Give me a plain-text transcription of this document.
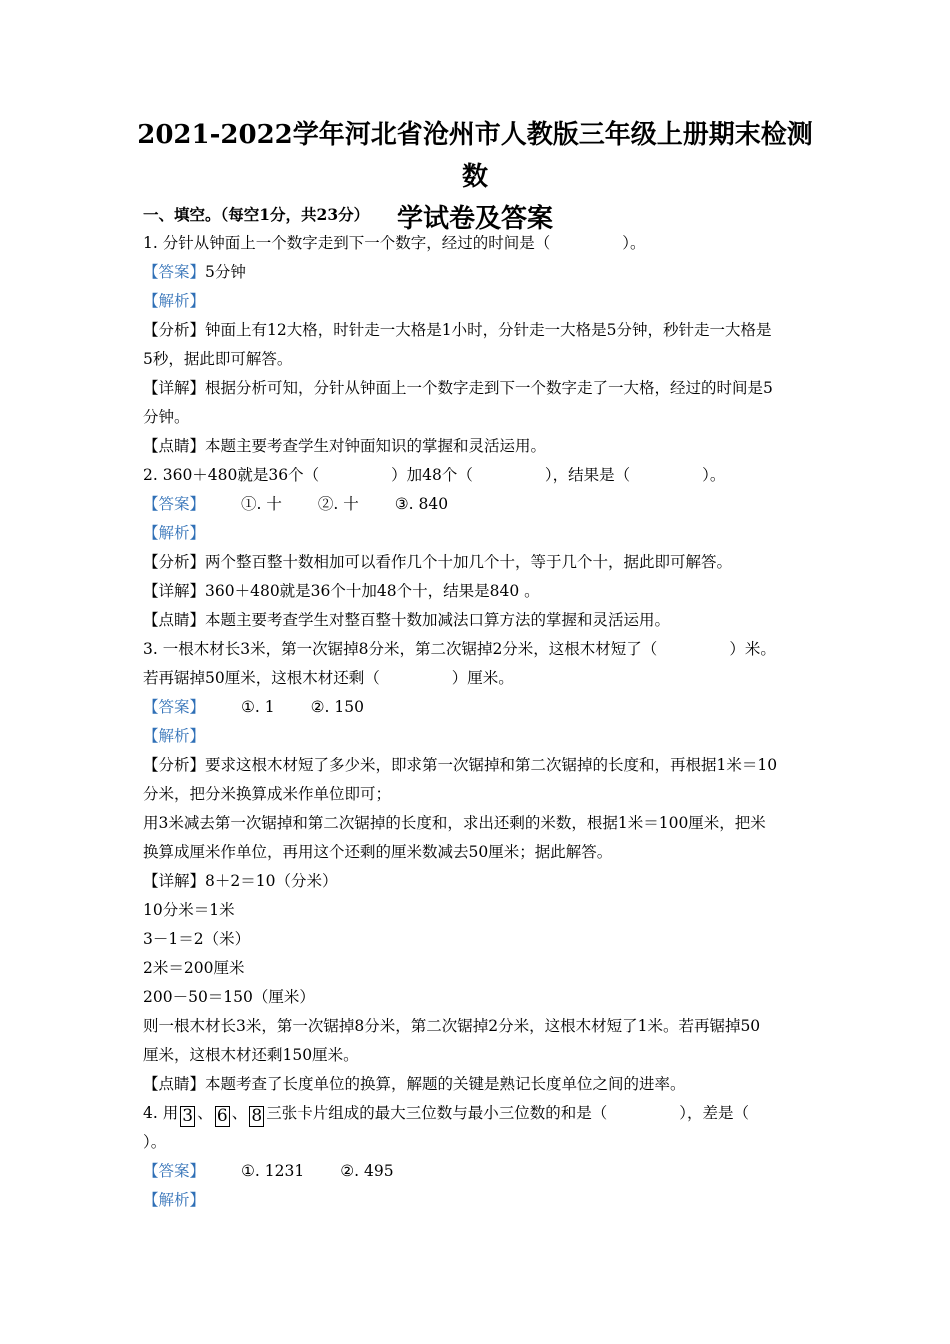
2021-2022学年河北省沧州市人教版三年级上册期末检测数
学试卷及答案
一、填空。（每空1分，共23分）
1. 分针从钟面上一个数字走到下一个数字，经过的时间是（	）。
【答案】5分钟
【解析】
【分析】钟面上有12大格，时针走一大格是1小时，分针走一大格是5分钟，秒针走一大格是
5秒，据此即可解答。
【详解】根据分析可知，分针从钟面上一个数字走到下一个数字走了一大格，经过的时间是5
分钟。
【点睛】本题主要考查学生对钟面知识的掌握和灵活运用。
2. 360＋480就是36个（	）加48个（	），结果是（	）。
【答案】 ①. 十 ②. 十 ③. 840
【解析】
【分析】两个整百整十数相加可以看作几个十加几个十，等于几个十，据此即可解答。
【详解】360＋480就是36个十加48个十，结果是840 。
【点睛】本题主要考查学生对整百整十数加减法口算方法的掌握和灵活运用。
3. 一根木材长3米，第一次锯掉8分米，第二次锯掉2分米，这根木材短了（	）米。
若再锯掉50厘米，这根木材还剩（	）厘米。
【答案】 ①. 1 ②. 150
【解析】
【分析】要求这根木材短了多少米，即求第一次锯掉和第二次锯掉的长度和，再根据1米＝10
分米，把分米换算成米作单位即可；
用3米减去第一次锯掉和第二次锯掉的长度和，求出还剩的米数，根据1米＝100厘米，把米
换算成厘米作单位，再用这个还剩的厘米数减去50厘米；据此解答。
【详解】8＋2＝10（分米）
10分米＝1米
3－1＝2（米）
2米＝200厘米
200－50＝150（厘米）
则一根木材长3米，第一次锯掉8分米，第二次锯掉2分米，这根木材短了1米。若再锯掉50
厘米，这根木材还剩150厘米。
【点睛】本题考查了长度单位的换算，解题的关键是熟记长度单位之间的进率。
4. 用 3 、 6 、 8 三张卡片组成的最大三位数与最小三位数的和是（	），差是（
）。
【答案】 ①. 1231 ②. 495
【解析】
